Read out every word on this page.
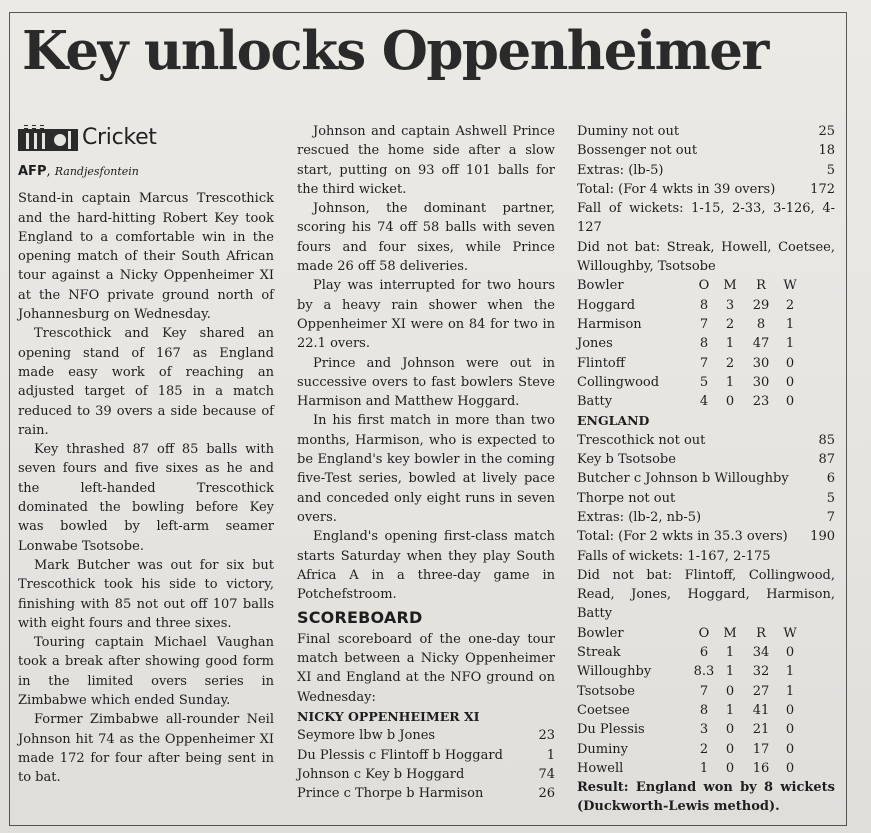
Key unlocks Oppenheimer
Cricket
AFP, Randjesfontein

Stand-in captain Marcus Trescothick and the hard-hitting Robert Key took England to a comfortable win in the opening match of their South African tour against a Nicky Oppenheimer XI at the NFO private ground north of Johannesburg on Wednesday.

Trescothick and Key shared an opening stand of 167 as England made easy work of reaching an adjusted target of 185 in a match reduced to 39 overs a side because of rain.

Key thrashed 87 off 85 balls with seven fours and five sixes as he and the left-handed Trescothick dominated the bowling before Key was bowled by left-arm seamer Lonwabe Tsotsobe.

Mark Butcher was out for six but Trescothick took his side to victory, finishing with 85 not out off 107 balls with eight fours and three sixes.

Touring captain Michael Vaughan took a break after showing good form in the limited overs series in Zimbabwe which ended Sunday.

Former Zimbabwe all-rounder Neil Johnson hit 74 as the Oppenheimer XI made 172 for four after being sent in to bat.

Johnson and captain Ashwell Prince rescued the home side after a slow start, putting on 93 off 101 balls for the third wicket.

Johnson, the dominant partner, scoring his 74 off 58 balls with seven fours and four sixes, while Prince made 26 off 58 deliveries.

Play was interrupted for two hours by a heavy rain shower when the Oppenheimer XI were on 84 for two in 22.1 overs.

Prince and Johnson were out in successive overs to fast bowlers Steve Harmison and Matthew Hoggard.

In his first match in more than two months, Harmison, who is expected to be England's key bowler in the coming five-Test series, bowled at lively pace and conceded only eight runs in seven overs.

England's opening first-class match starts Saturday when they play South Africa A in a three-day game in Potchefstroom.

SCOREBOARD

Final scoreboard of the one-day tour match between a Nicky Oppenheimer XI and England at the NFO ground on Wednesday:

NICKY OPPENHEIMER XI
Seymore lbw b Jones	23
Du Plessis c Flintoff b Hoggard	1
Johnson c Key b Hoggard	74
Prince c Thorpe b Harmison	26
Duminy not out	25
Bossenger not out	18
Extras: (lb-5)	5
Total: (For 4 wkts in 39 overs)	172

Fall of wickets: 1-15, 2-33, 3-126, 4-127

Did not bat: Streak, Howell, Coetsee, Willoughby, Tsotsobe

Bowler	O	M	R	W
Hoggard	8	3	29	2
Harmison	7	2	8	1
Jones	8	1	47	1
Flintoff	7	2	30	0
Collingwood	5	1	30	0
Batty	4	0	23	0
ENGLAND
Trescothick not out	85
Key b Tsotsobe	87
Butcher c Johnson b Willoughby	6
Thorpe not out	5
Extras: (lb-2, nb-5)	7
Total: (For 2 wkts in 35.3 overs) 190

Falls of wickets: 1-167, 2-175

Did not bat: Flintoff, Collingwood, Read, Jones, Hoggard, Harmison, Batty

Bowler	O	M	R	W
Streak	6	1	34	0
Willoughby	8.3 1	32	1
Tsotsobe	7	0	27	1
Coetsee	8	1	41	0
Du Plessis	3	0	21	0
Duminy	2	0	17	0
Howell	1	0	16	0

Result: England won by 8 wickets (Duckworth-Lewis method).
